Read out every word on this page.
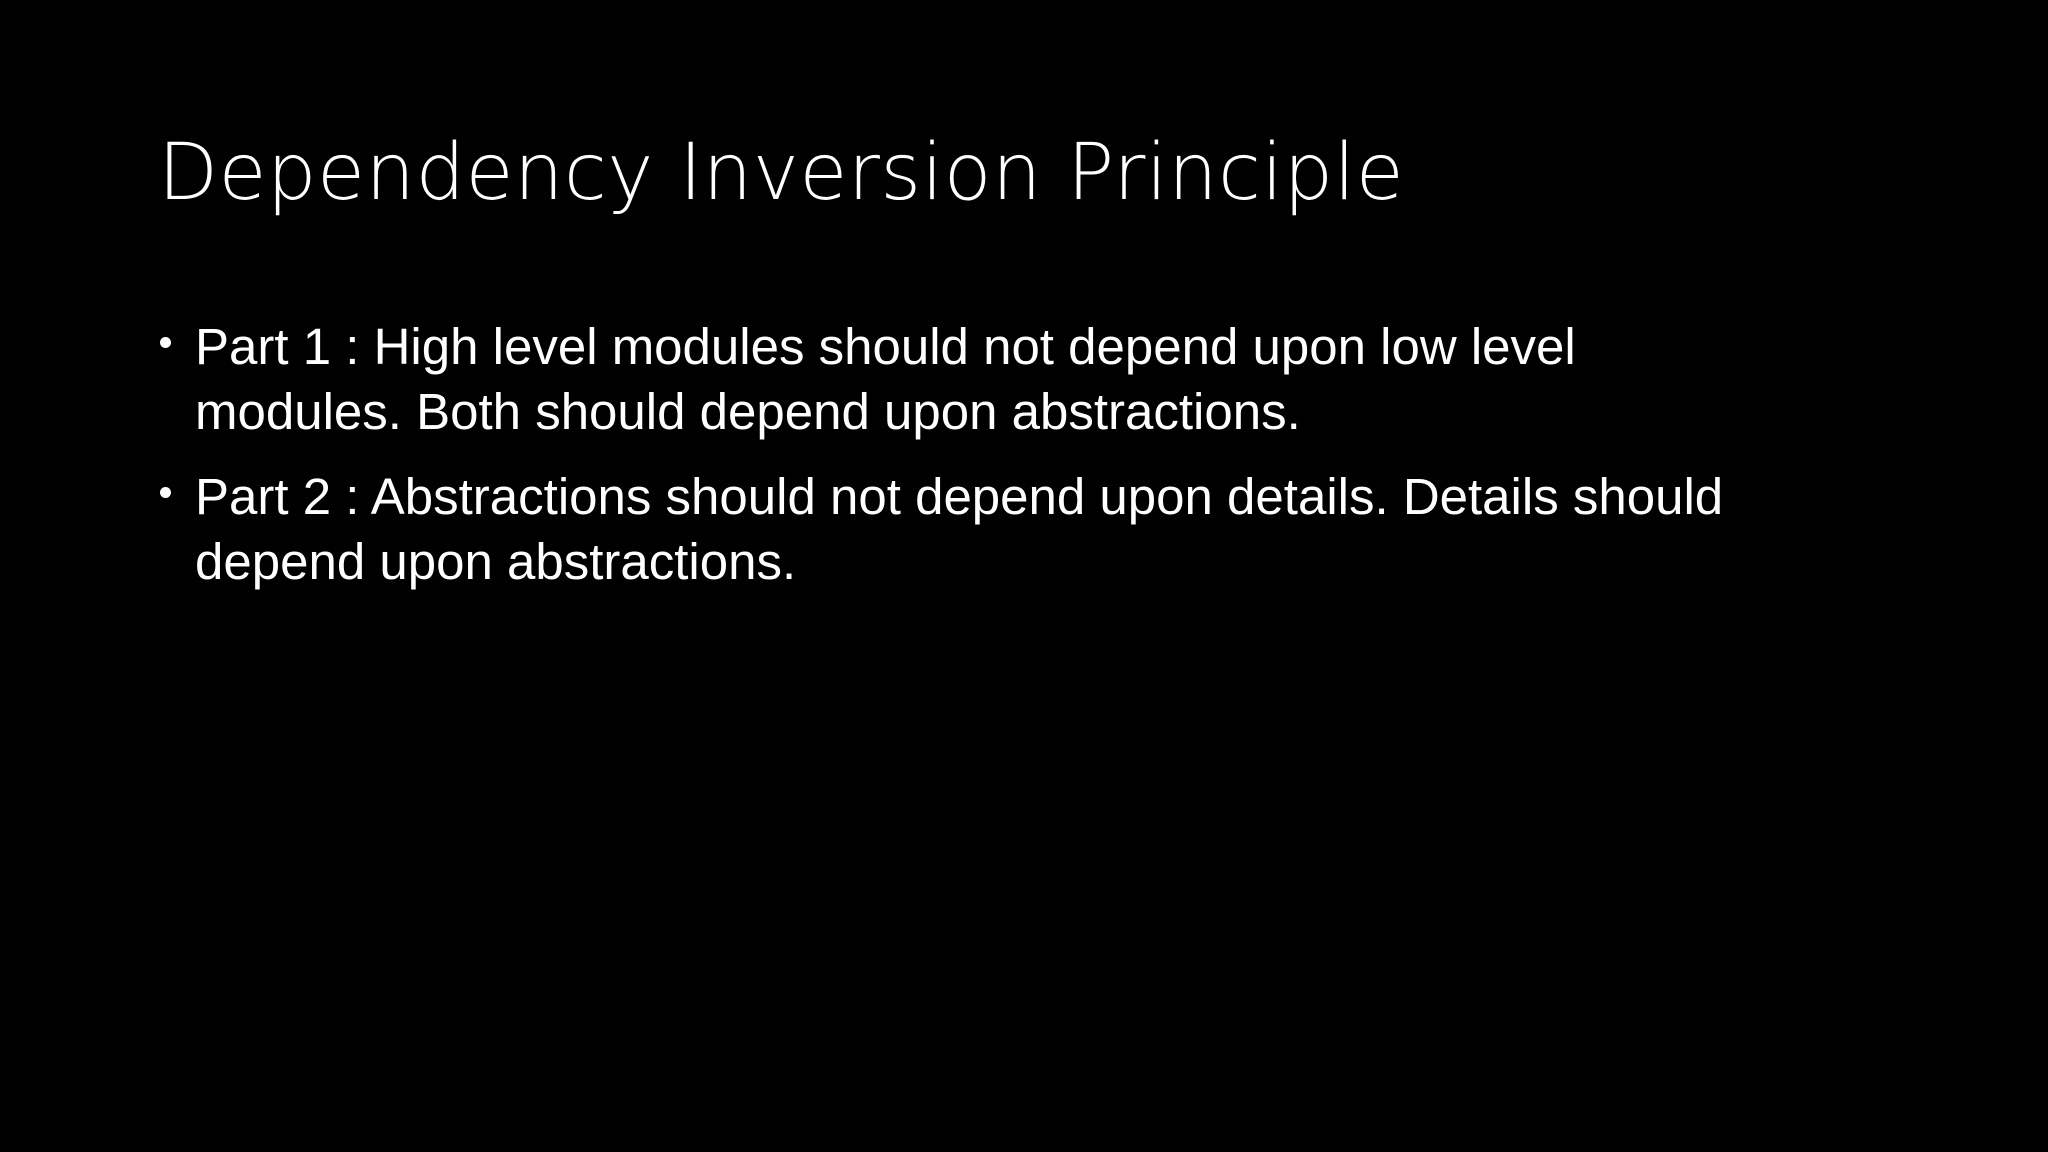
Dependency Inversion Principle
Part 1 : High level modules should not depend upon low level
modules. Both should depend upon abstractions.
Part 2 : Abstractions should not depend upon details. Details should
depend upon abstractions.
